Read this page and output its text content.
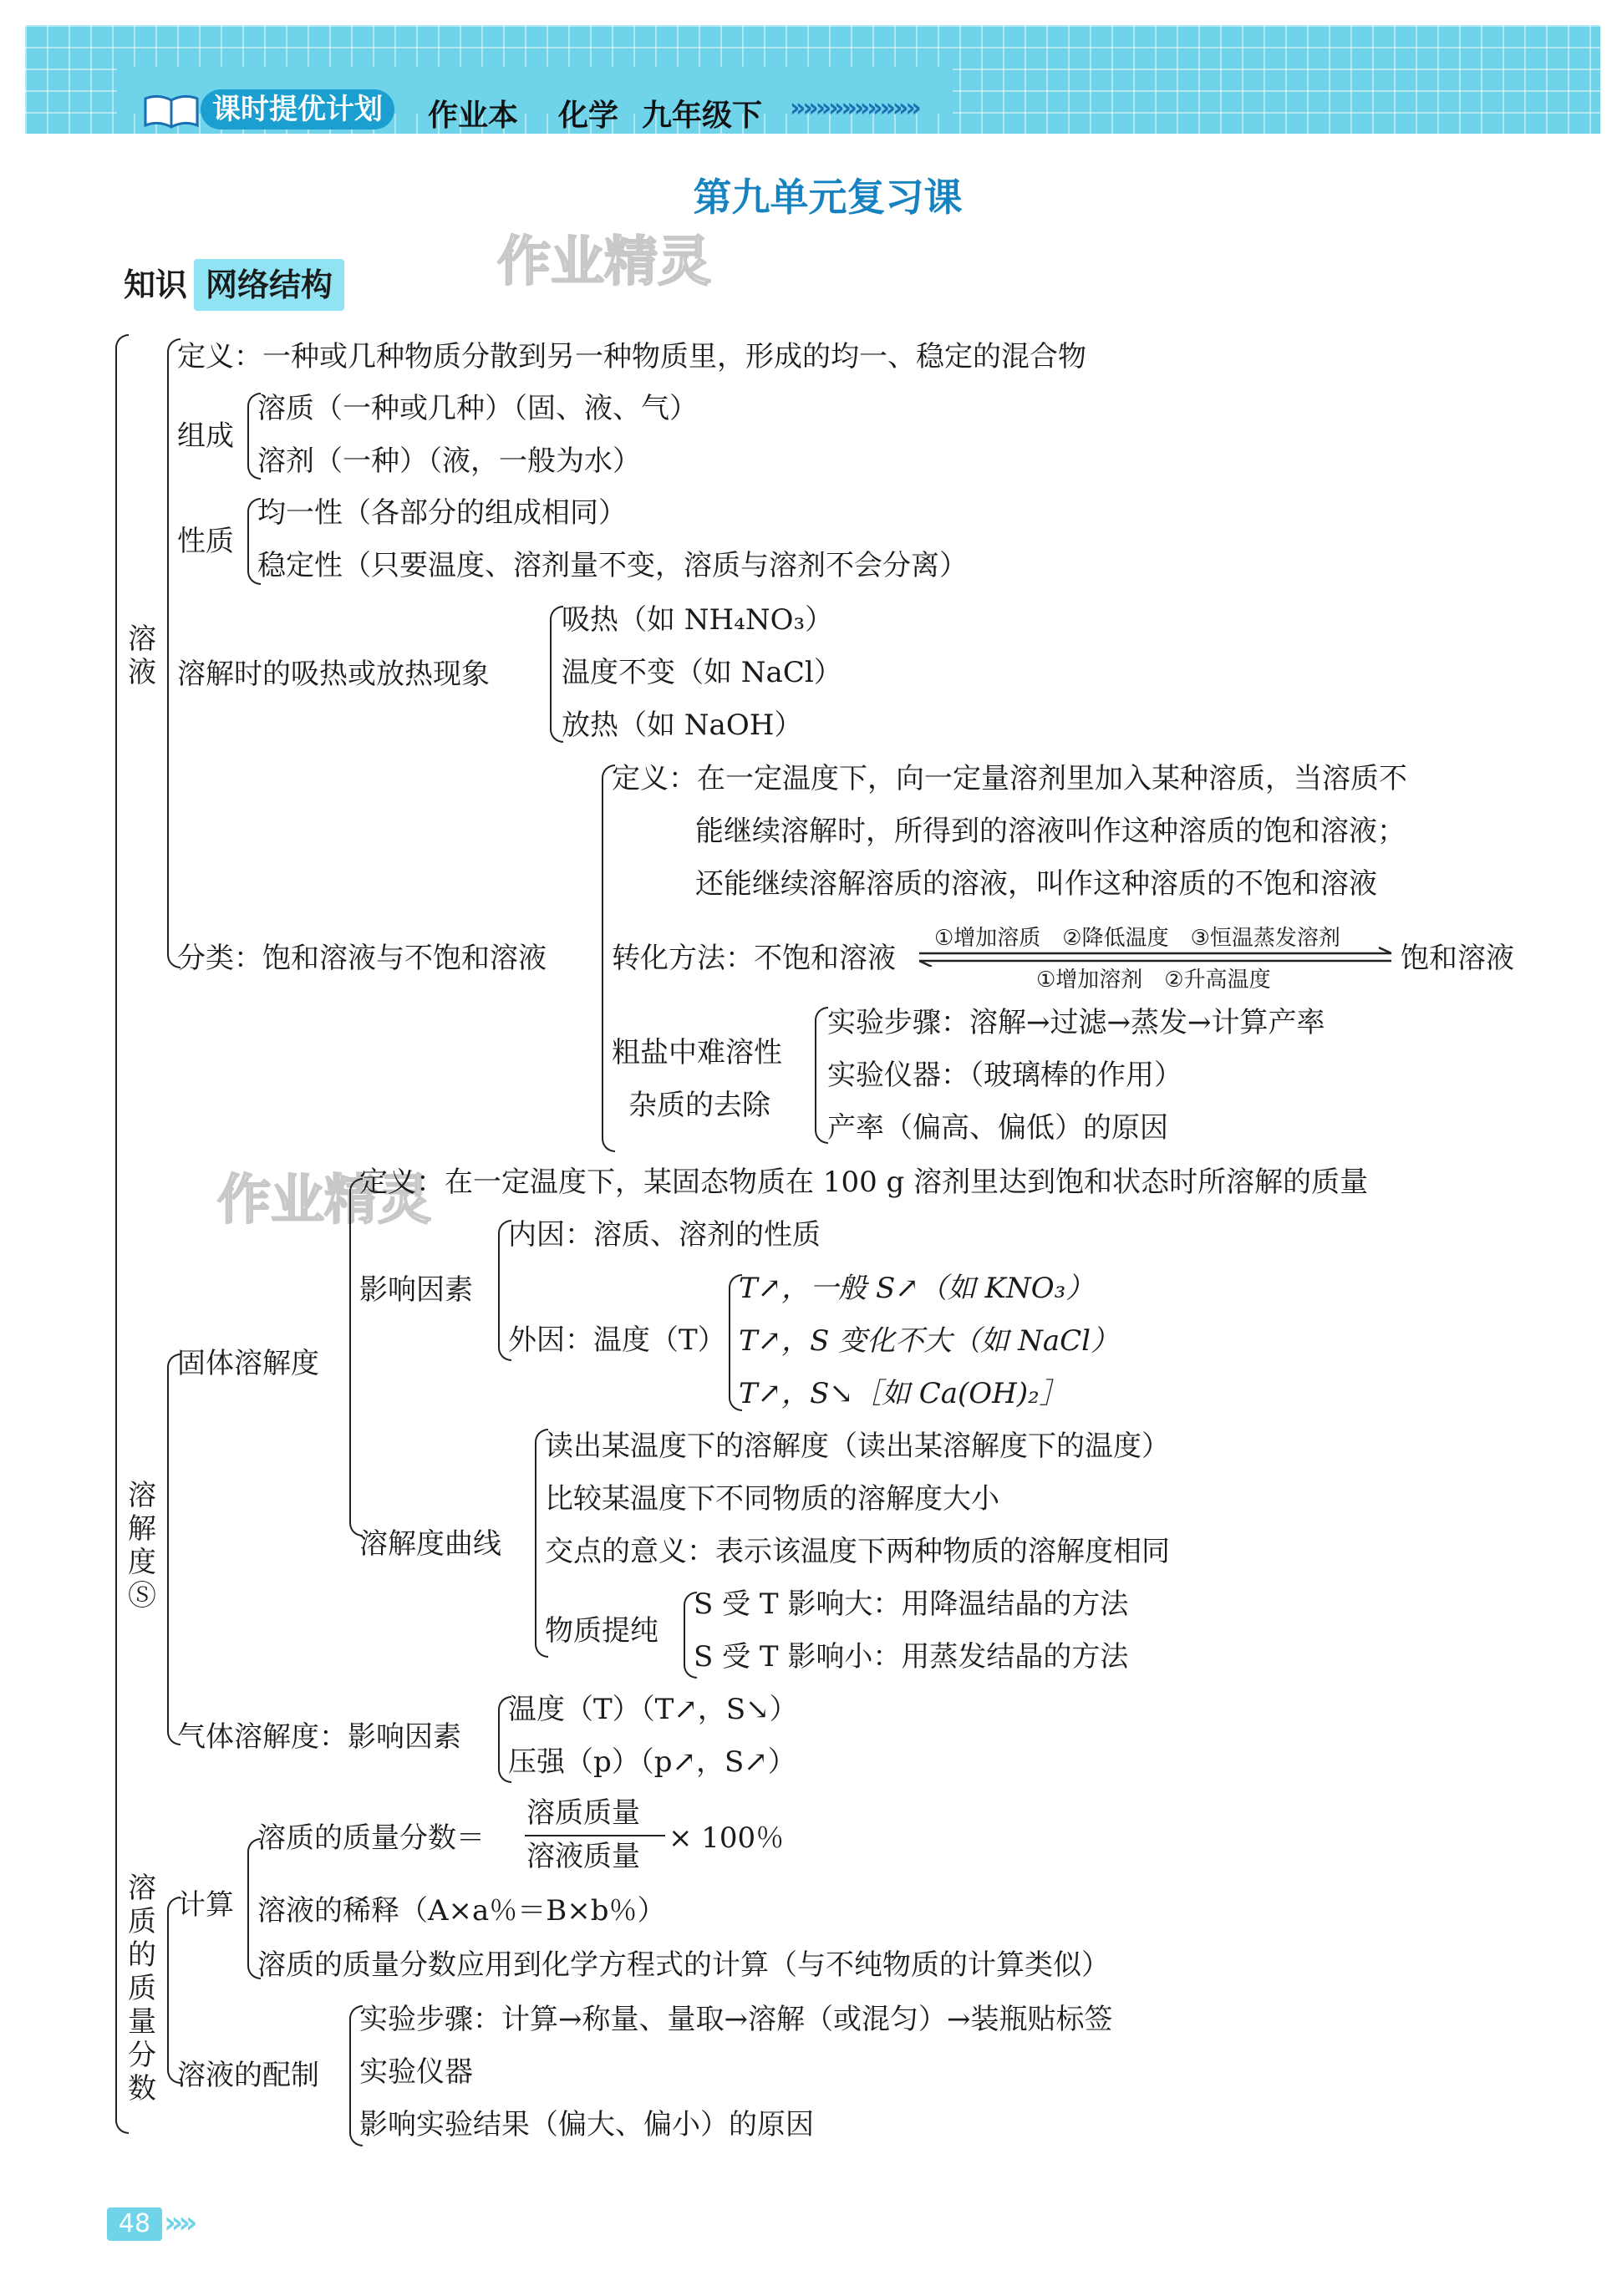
课时提优计划	作业本 化学 九年级下 »»»»»»»»»»
第九单元复习课
作业精灵
作业精灵
知识 网络结构
溶
液
定义：一种或几种物质分散到另一种物质里，形成的均一、稳定的混合物
组成
溶质（一种或几种）（固、液、气）
溶剂（一种）（液，一般为水）
性质
均一性（各部分的组成相同）
稳定性（只要温度、溶剂量不变，溶质与溶剂不会分离）
溶解时的吸热或放热现象
吸热（如 NH₄NO₃）
温度不变（如 NaCl）
放热（如 NaOH）
分类：饱和溶液与不饱和溶液
定义：在一定温度下，向一定量溶剂里加入某种溶质，当溶质不
能继续溶解时，所得到的溶液叫作这种溶质的饱和溶液；
还能继续溶解溶质的溶液，叫作这种溶质的不饱和溶液
转化方法：不饱和溶液
①增加溶质　②降低温度　③恒温蒸发溶剂
①增加溶剂　②升高温度
饱和溶液
粗盐中难溶性
杂质的去除
实验步骤：溶解→过滤→蒸发→计算产率
实验仪器：（玻璃棒的作用）
产率（偏高、偏低）的原因
溶
解
度
Ⓢ
固体溶解度
定义：在一定温度下，某固态物质在 100 g 溶剂里达到饱和状态时所溶解的质量
影响因素
内因：溶质、溶剂的性质
外因：温度（T）
T↗，一般 S↗（如 KNO₃）
T↗，S 变化不大（如 NaCl）
T↗，S↘［如 Ca(OH)₂］
溶解度曲线
读出某温度下的溶解度（读出某溶解度下的温度）
比较某温度下不同物质的溶解度大小
交点的意义：表示该温度下两种物质的溶解度相同
物质提纯
S 受 T 影响大：用降温结晶的方法
S 受 T 影响小：用蒸发结晶的方法
气体溶解度：影响因素
温度（T）（T↗，S↘）
压强（p）（p↗，S↗）
溶
质
的
质
量
分
数
计算
溶质的质量分数＝
溶质质量
溶液质量
× 100％
溶液的稀释（A×a％＝B×b％）
溶质的质量分数应用到化学方程式的计算（与不纯物质的计算类似）
溶液的配制
实验步骤：计算→称量、量取→溶解（或混匀）→装瓶贴标签
实验仪器
影响实验结果（偏大、偏小）的原因
48 »»
